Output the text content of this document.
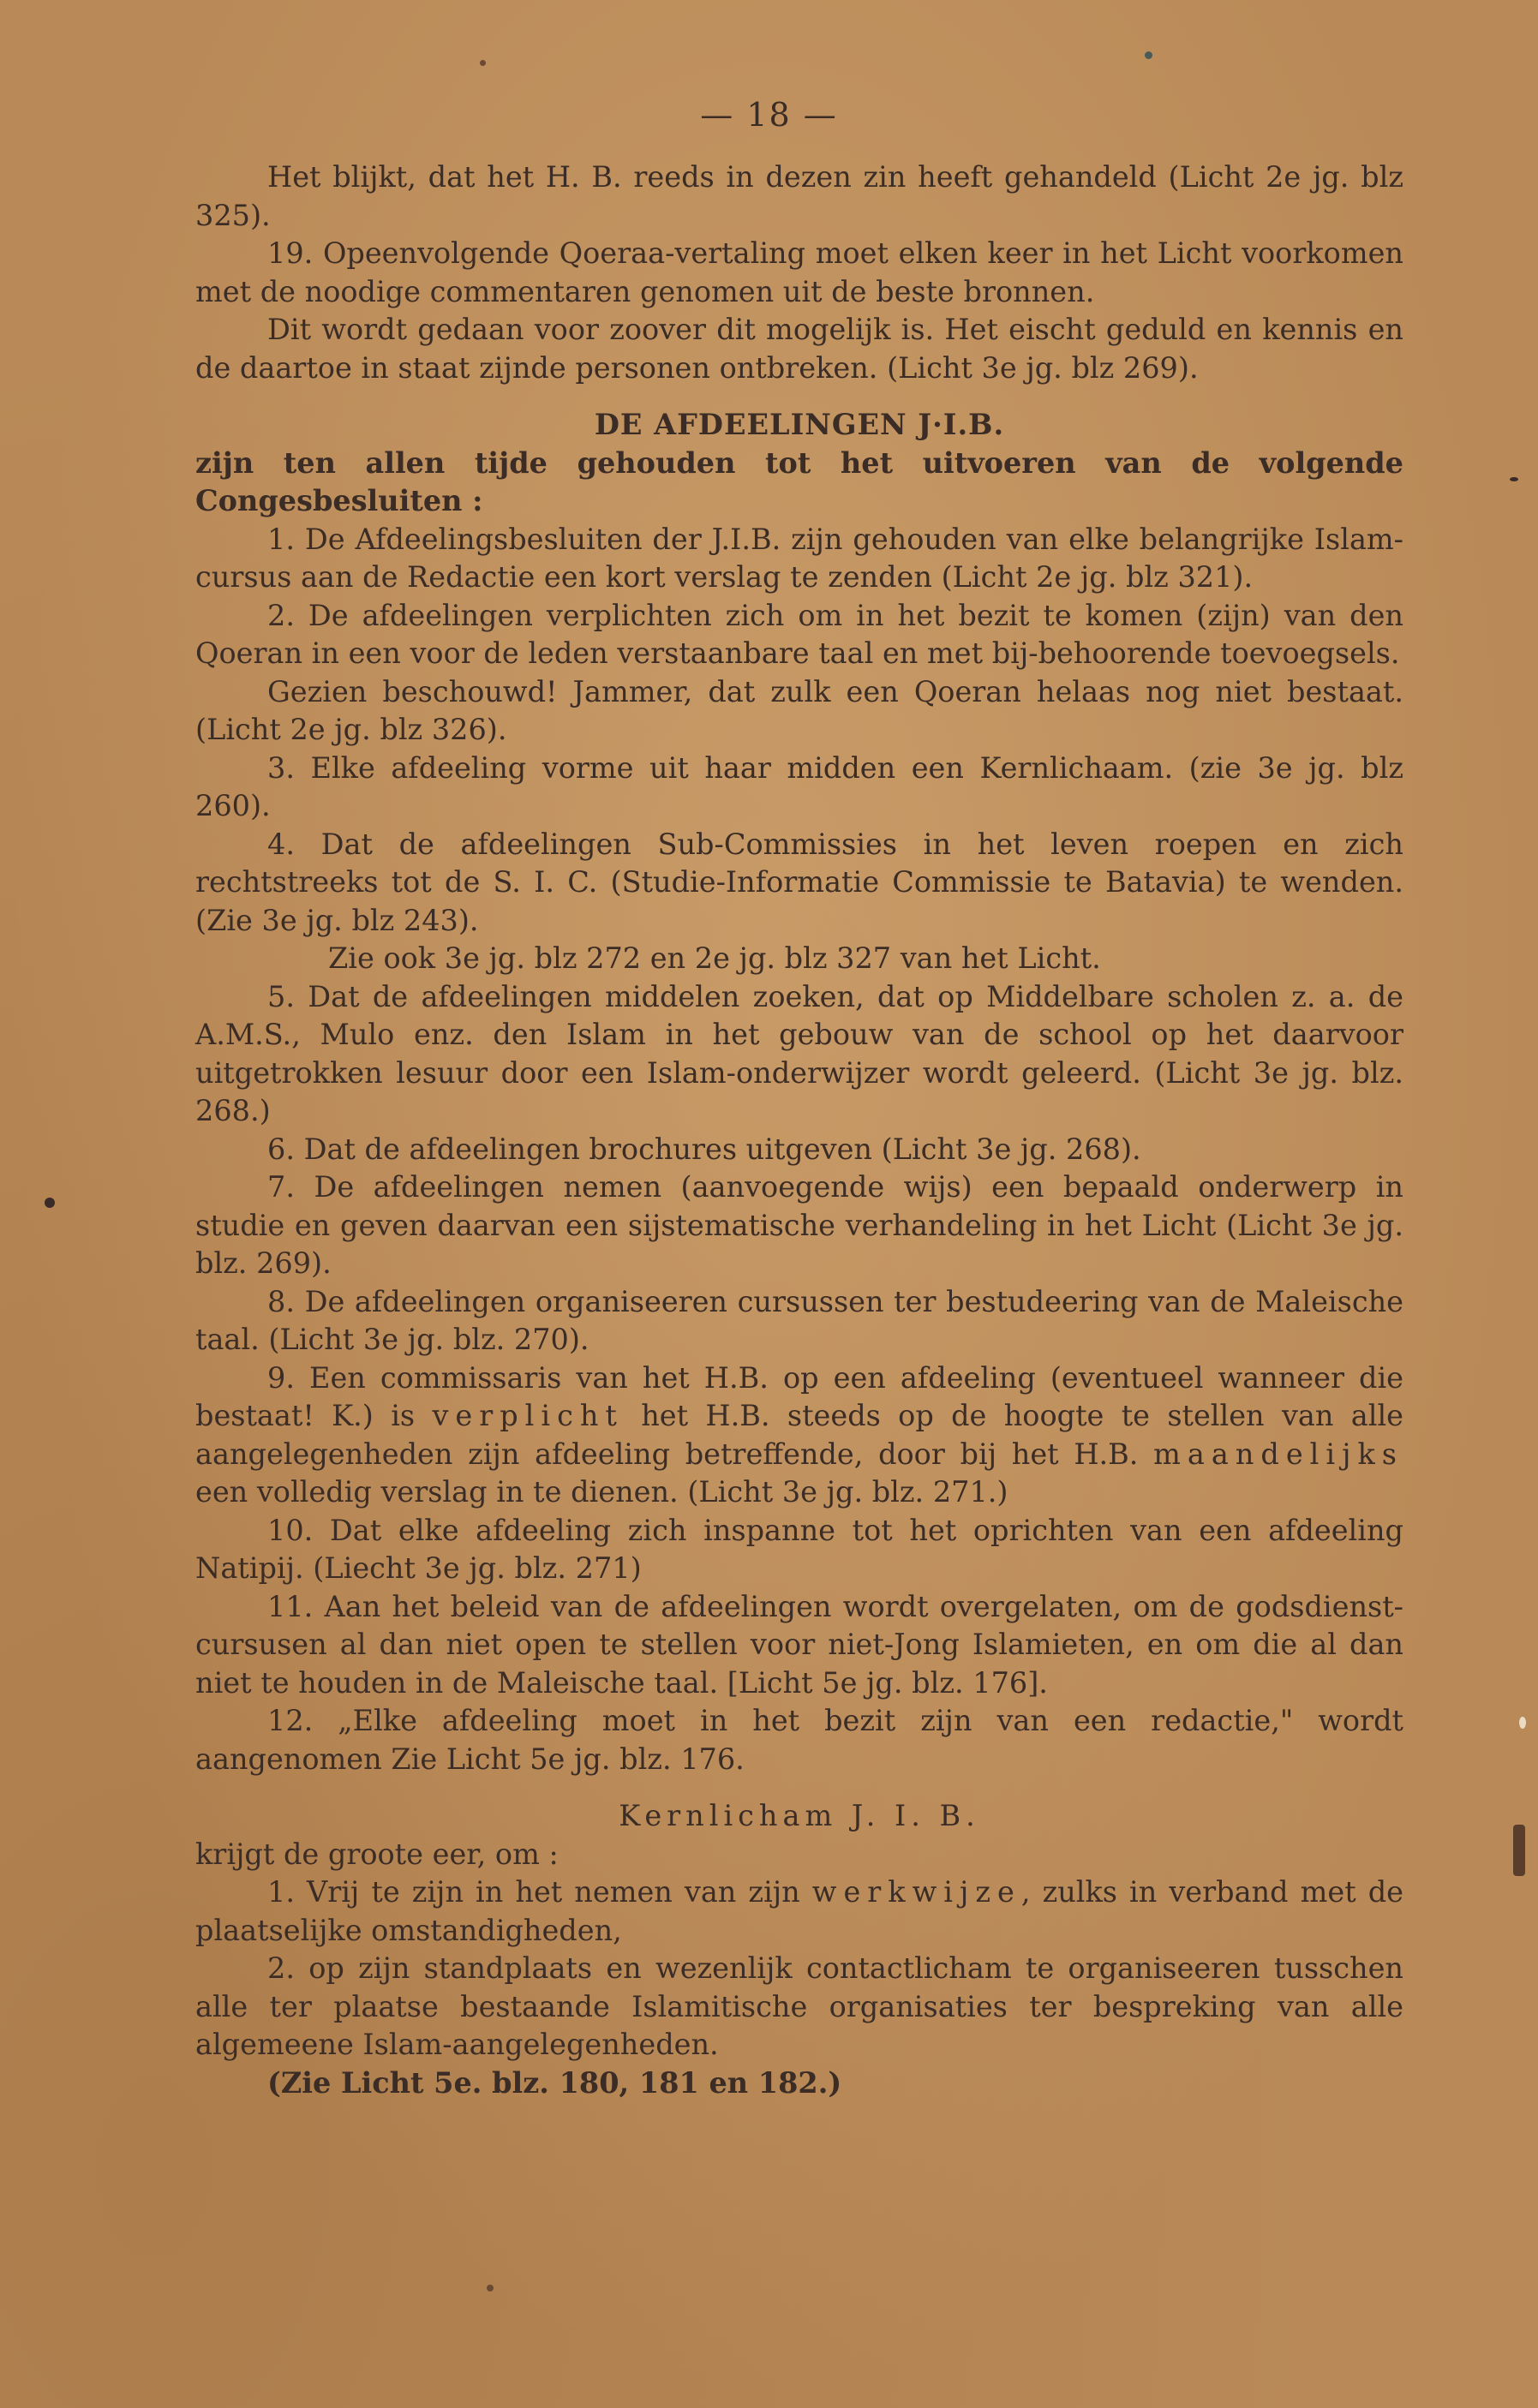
— 18 —

Het blijkt, dat het H. B. reeds in dezen zin heeft gehandeld (Licht 2e jg. blz 325).

19. Opeenvolgende Qoeraa-vertaling moet elken keer in het Licht voorkomen met de noodige commentaren genomen uit de beste bronnen.

Dit wordt gedaan voor zoover dit mogelijk is. Het eischt geduld en kennis en de daartoe in staat zijnde personen ontbreken. (Licht 3e jg. blz 269).

DE AFDEELINGEN J·I.B.

zijn ten allen tijde gehouden tot het uitvoeren van de volgende Congesbesluiten :

1. De Afdeelingsbesluiten der J.I.B. zijn gehouden van elke belangrijke Islam-cursus aan de Redactie een kort verslag te zenden (Licht 2e jg. blz 321).

2. De afdeelingen verplichten zich om in het bezit te komen (zijn) van den Qoeran in een voor de leden verstaanbare taal en met bij-behoorende toevoegsels.

Gezien beschouwd! Jammer, dat zulk een Qoeran helaas nog niet bestaat. (Licht 2e jg. blz 326).

3. Elke afdeeling vorme uit haar midden een Kernlichaam. (zie 3e jg. blz 260).

4. Dat de afdeelingen Sub-Commissies in het leven roepen en zich rechtstreeks tot de S. I. C. (Studie-Informatie Commissie te Batavia) te wenden. (Zie 3e jg. blz 243).

Zie ook 3e jg. blz 272 en 2e jg. blz 327 van het Licht.

5. Dat de afdeelingen middelen zoeken, dat op Middelbare scholen z. a. de A.M.S., Mulo enz. den Islam in het gebouw van de school op het daarvoor uitgetrokken lesuur door een Islam-onderwijzer wordt geleerd. (Licht 3e jg. blz. 268.)

6. Dat de afdeelingen brochures uitgeven (Licht 3e jg. 268).

7. De afdeelingen nemen (aanvoegende wijs) een bepaald onderwerp in studie en geven daarvan een sijstematische verhandeling in het Licht (Licht 3e jg. blz. 269).

8. De afdeelingen organiseeren cursussen ter bestudeering van de Maleische taal. (Licht 3e jg. blz. 270).

9. Een commissaris van het H.B. op een afdeeling (eventueel wanneer die bestaat! K.) is verplicht het H.B. steeds op de hoogte te stellen van alle aangelegenheden zijn afdeeling betreffende, door bij het H.B. maandelijks een volledig verslag in te dienen. (Licht 3e jg. blz. 271.)

10. Dat elke afdeeling zich inspanne tot het oprichten van een afdeeling Natipij. (Liecht 3e jg. blz. 271)

11. Aan het beleid van de afdeelingen wordt overgelaten, om de godsdienst-cursusen al dan niet open te stellen voor niet-Jong Islamieten, en om die al dan niet te houden in de Maleische taal. [Licht 5e jg. blz. 176].

12. „Elke afdeeling moet in het bezit zijn van een redactie," wordt aangenomen Zie Licht 5e jg. blz. 176.

Kernlicham J. I. B.

krijgt de groote eer, om :

1. Vrij te zijn in het nemen van zijn werkwijze, zulks in verband met de plaatselijke omstandigheden,

2. op zijn standplaats en wezenlijk contactlicham te organiseeren tusschen alle ter plaatse bestaande Islamitische organisaties ter bespreking van alle algemeene Islam-aangelegenheden.

(Zie Licht 5e. blz. 180, 181 en 182.)
